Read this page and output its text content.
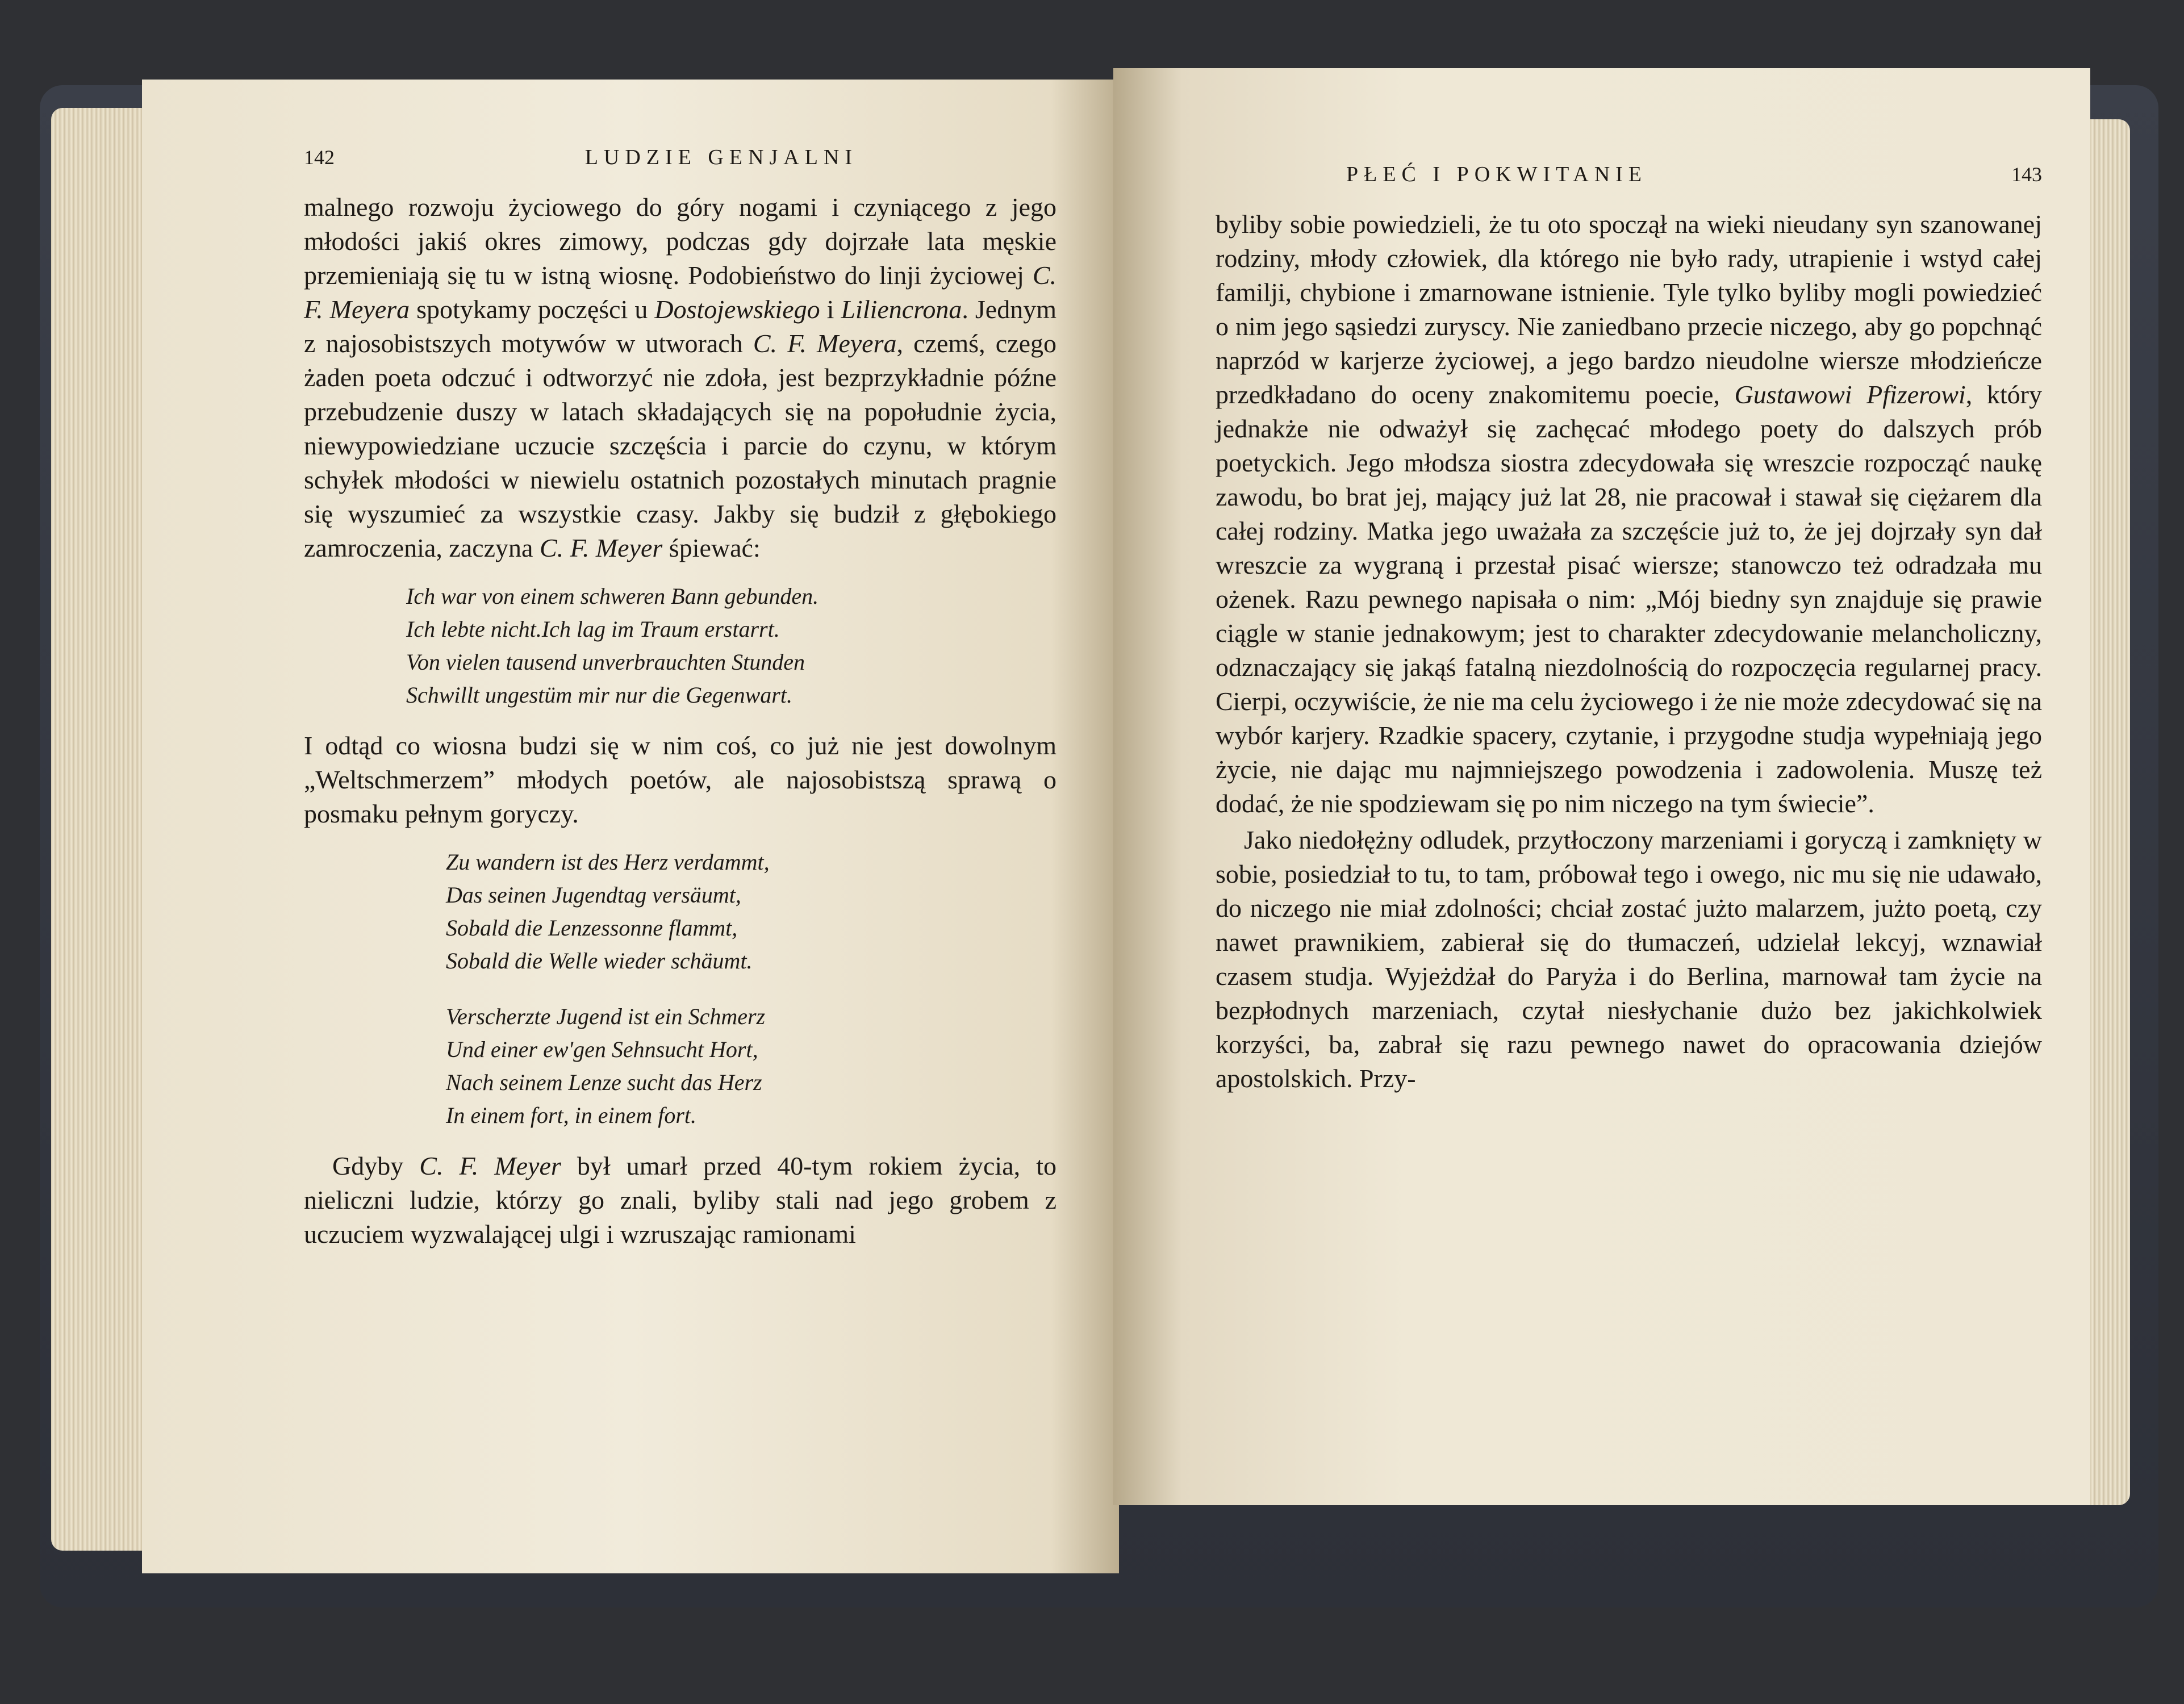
142	LUDZIE GENJALNI

malnego rozwoju życiowego do góry nogami i czyniącego z jego młodości jakiś okres zimowy, podczas gdy dojrzałe lata męskie przemieniają się tu w istną wiosnę. Podobieństwo do linji życiowej C. F. Meyera spotykamy poczęści u Dostojewskiego i Liliencrona. Jednym z najosobistszych motywów w utworach C. F. Meyera, czemś, czego żaden poeta odczuć i odtworzyć nie zdoła, jest bezprzykładnie późne przebudzenie duszy w latach składających się na popołudnie życia, niewypowiedziane uczucie szczęścia i parcie do czynu, w którym schyłek młodości w niewielu ostatnich pozostałych minutach pragnie się wyszumieć za wszystkie czasy. Jakby się budził z głębokiego zamroczenia, zaczyna C. F. Meyer śpiewać:

Ich war von einem schweren Bann gebunden.
Ich lebte nicht.Ich lag im Traum erstarrt.
Von vielen tausend unverbrauchten Stunden
Schwillt ungestüm mir nur die Gegenwart.

I odtąd co wiosna budzi się w nim coś, co już nie jest dowolnym „Weltschmerzem” młodych poetów, ale najosobistszą sprawą o posmaku pełnym goryczy.

Zu wandern ist des Herz verdammt,
Das seinen Jugendtag versäumt,
Sobald die Lenzessonne flammt,
Sobald die Welle wieder schäumt.
Verscherzte Jugend ist ein Schmerz
Und einer ew'gen Sehnsucht Hort,
Nach seinem Lenze sucht das Herz
In einem fort, in einem fort.

Gdyby C. F. Meyer był umarł przed 40-tym rokiem życia, to nieliczni ludzie, którzy go znali, byliby stali nad jego grobem z uczuciem wyzwalającej ulgi i wzruszając ramionami

PŁEĆ I POKWITANIE	143

byliby sobie powiedzieli, że tu oto spoczął na wieki nieudany syn szanowanej rodziny, młody człowiek, dla którego nie było rady, utrapienie i wstyd całej familji, chybione i zmarnowane istnienie. Tyle tylko byliby mogli powiedzieć o nim jego sąsiedzi zuryscy. Nie zaniedbano przecie niczego, aby go popchnąć naprzód w karjerze życiowej, a jego bardzo nieudolne wiersze młodzieńcze przedkładano do oceny znakomitemu poecie, Gustawowi Pfizerowi, który jednakże nie odważył się zachęcać młodego poety do dalszych prób poetyckich. Jego młodsza siostra zdecydowała się wreszcie rozpocząć naukę zawodu, bo brat jej, mający już lat 28, nie pracował i stawał się ciężarem dla całej rodziny. Matka jego uważała za szczęście już to, że jej dojrzały syn dał wreszcie za wygraną i przestał pisać wiersze; stanowczo też odradzała mu ożenek. Razu pewnego napisała o nim: „Mój biedny syn znajduje się prawie ciągle w stanie jednakowym; jest to charakter zdecydowanie melancholiczny, odznaczający się jakąś fatalną niezdolnością do rozpoczęcia regularnej pracy. Cierpi, oczywiście, że nie ma celu życiowego i że nie może zdecydować się na wybór karjery. Rzadkie spacery, czytanie, i przygodne studja wypełniają jego życie, nie dając mu najmniejszego powodzenia i zadowolenia. Muszę też dodać, że nie spodziewam się po nim niczego na tym świecie”.

Jako niedołężny odludek, przytłoczony marzeniami i goryczą i zamknięty w sobie, posiedział to tu, to tam, próbował tego i owego, nic mu się nie udawało, do niczego nie miał zdolności; chciał zostać jużto malarzem, jużto poetą, czy nawet prawnikiem, zabierał się do tłumaczeń, udzielał lekcyj, wznawiał czasem studja. Wyjeżdżał do Paryża i do Berlina, marnował tam życie na bezpłodnych marzeniach, czytał niesłychanie dużo bez jakichkolwiek korzyści, ba, zabrał się razu pewnego nawet do opracowania dziejów apostolskich. Przy-
